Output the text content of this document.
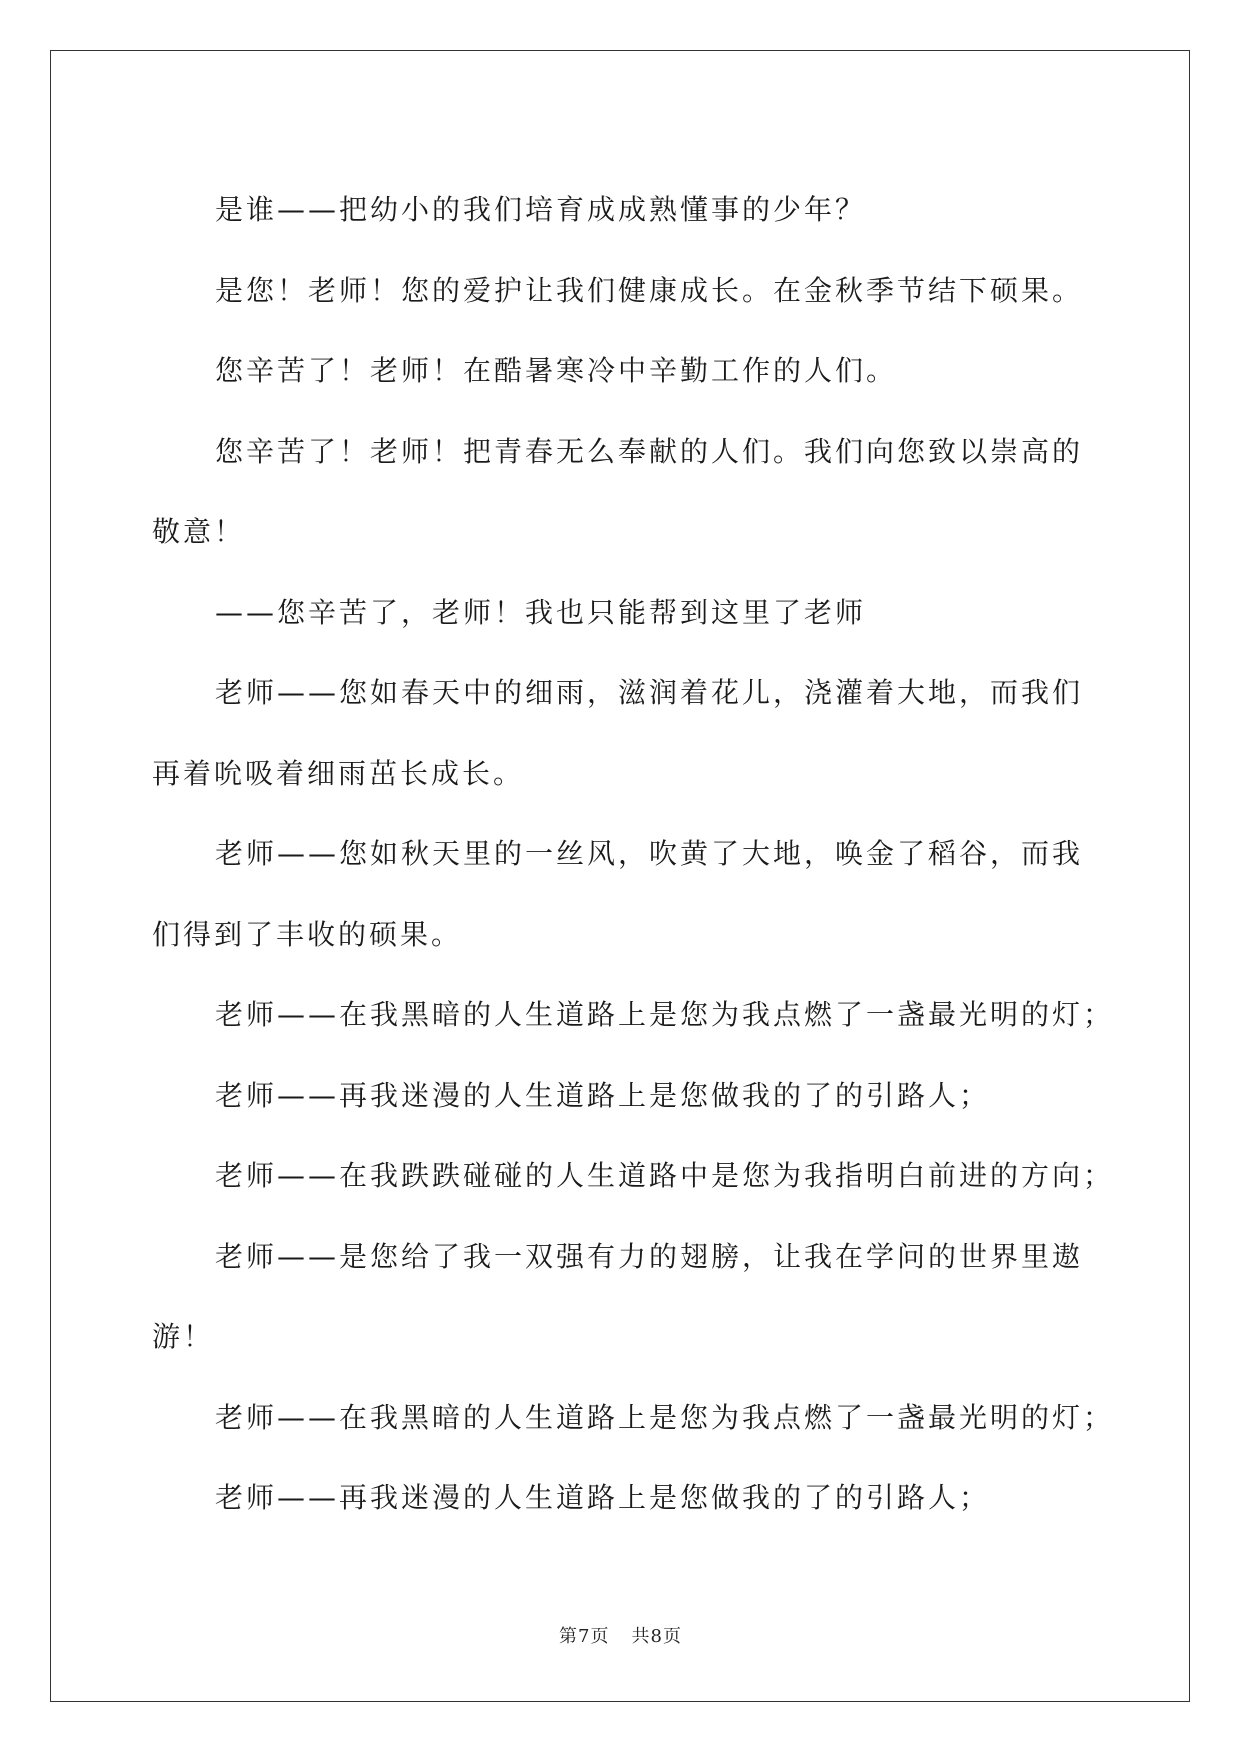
是谁——把幼小的我们培育成成熟懂事的少年？

是您！老师！您的爱护让我们健康成长。在金秋季节结下硕果。

您辛苦了！老师！在酷暑寒冷中辛勤工作的人们。

您辛苦了！老师！把青春无么奉献的人们。我们向您致以崇高的

敬意！

——您辛苦了，老师！我也只能帮到这里了老师

老师——您如春天中的细雨，滋润着花儿，浇灌着大地，而我们

再着吮吸着细雨茁长成长。

老师——您如秋天里的一丝风，吹黄了大地，唤金了稻谷，而我

们得到了丰收的硕果。

老师——在我黑暗的人生道路上是您为我点燃了一盏最光明的灯；

老师——再我迷漫的人生道路上是您做我的了的引路人；

老师——在我跌跌碰碰的人生道路中是您为我指明白前进的方向；

老师——是您给了我一双强有力的翅膀，让我在学问的世界里遨

游！

老师——在我黑暗的人生道路上是您为我点燃了一盏最光明的灯；

老师——再我迷漫的人生道路上是您做我的了的引路人；

第7页 共8页
